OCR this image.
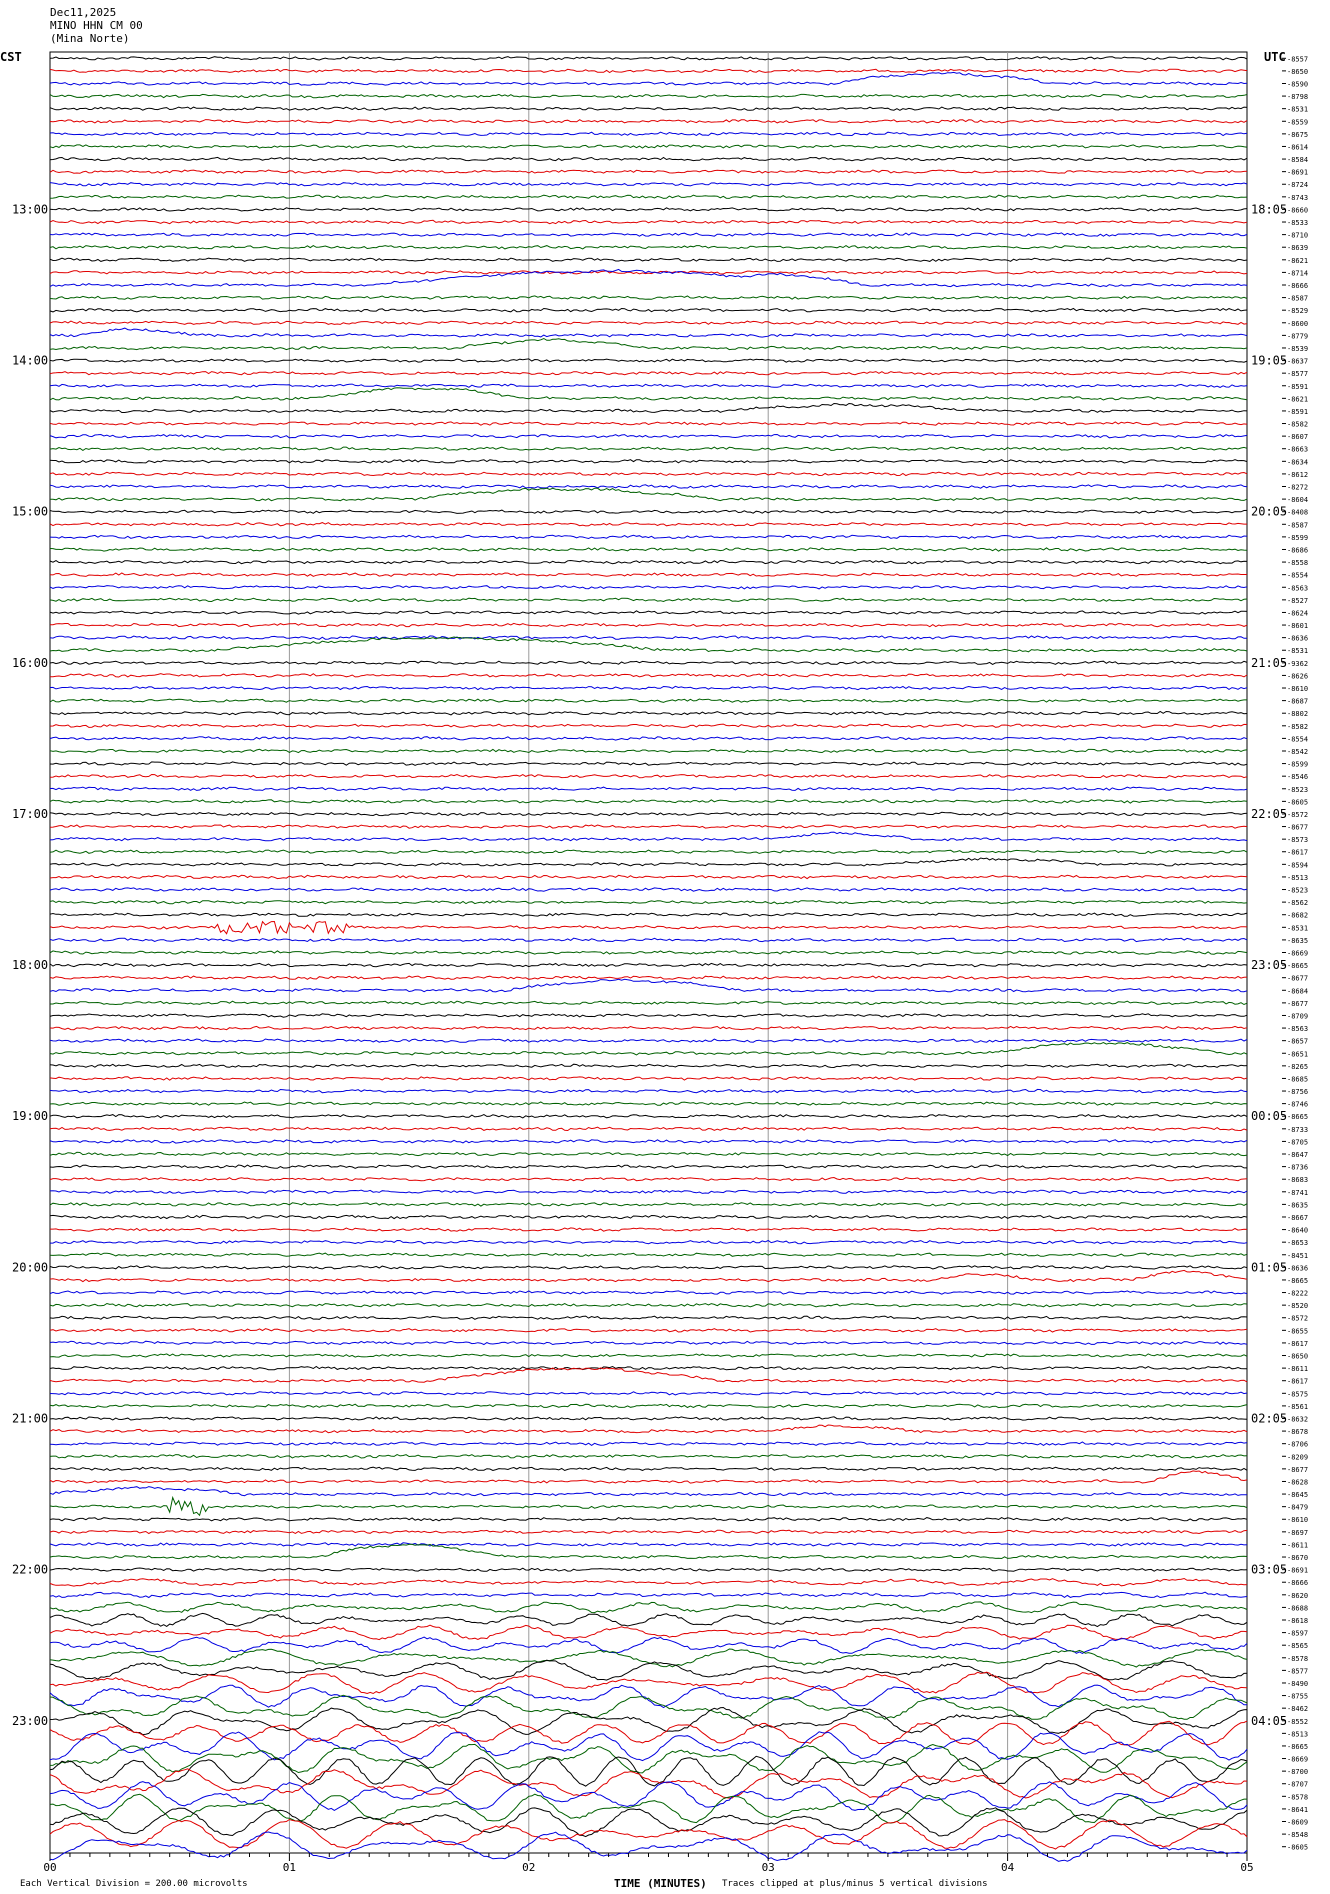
Dec11,2025
MINO HHN CM 00
(Mina Norte)
CST	UTC -8557
-8650
-8590
-8798
-8531
-8559
-8675
-8614
-8584
-8691
-8724
-8743
-8660
-8533
-8710
-8639
-8621
-8714
-8666
-8587
-8529
-8600
-8779
-8539
-8637
-8577
-8591
-8621
-8591
-8582
-8607
-8663
-8634
-8612
-8272
-8604
-8408
-8587
-8599
-8686
-8558
-8554
-8563
-8527
-8624
-8601
-8636
-8531
-9362
-8626
-8610
-8687
-8802
-8582
-8554
-8542
-8599
-8546
-8523
-8605
-8572
-8677
-8573
-8617
-8594
-8513
-8523
-8562
-8682
-8531
-8635
-8669
-8665
-8677
-8684
-8677
-8709
-8563
-8657
-8651
-8265
-8685
-8756
-8746
-8665
-8733
-8705
-8647
-8736
-8683
-8741
-8635
-8667
-8640
-8653
-8451
-8636
-8665
-8222
-8520
-8572
-8655
-8617
-8650
-8611
-8617
-8575
-8561
-8632
-8678
-8706
-8209
-8677
-8628
-8645
-8479
-8610
-8697
-8611
-8670
-8691
-8666
-8620
-8688
-8618
-8597
-8565
-8578
-8577
-8490
-8755
-8462
-8552
-8513
-8665
-8669
-8700
-8707
-8578
-8641
-8609
-8548
-8605
13:00
14:00
15:00
16:00
17:00
18:00
19:00
20:00
21:00
22:00
23:00
18:05
19:05
20:05
21:05
22:05
23:05
00:05
01:05
02:05
03:05
04:05
00	01	02	03	04	05
Each Vertical Division = 200.00 microvolts	TIME (MINUTES) Traces clipped at plus/minus 5 vertical divisions
